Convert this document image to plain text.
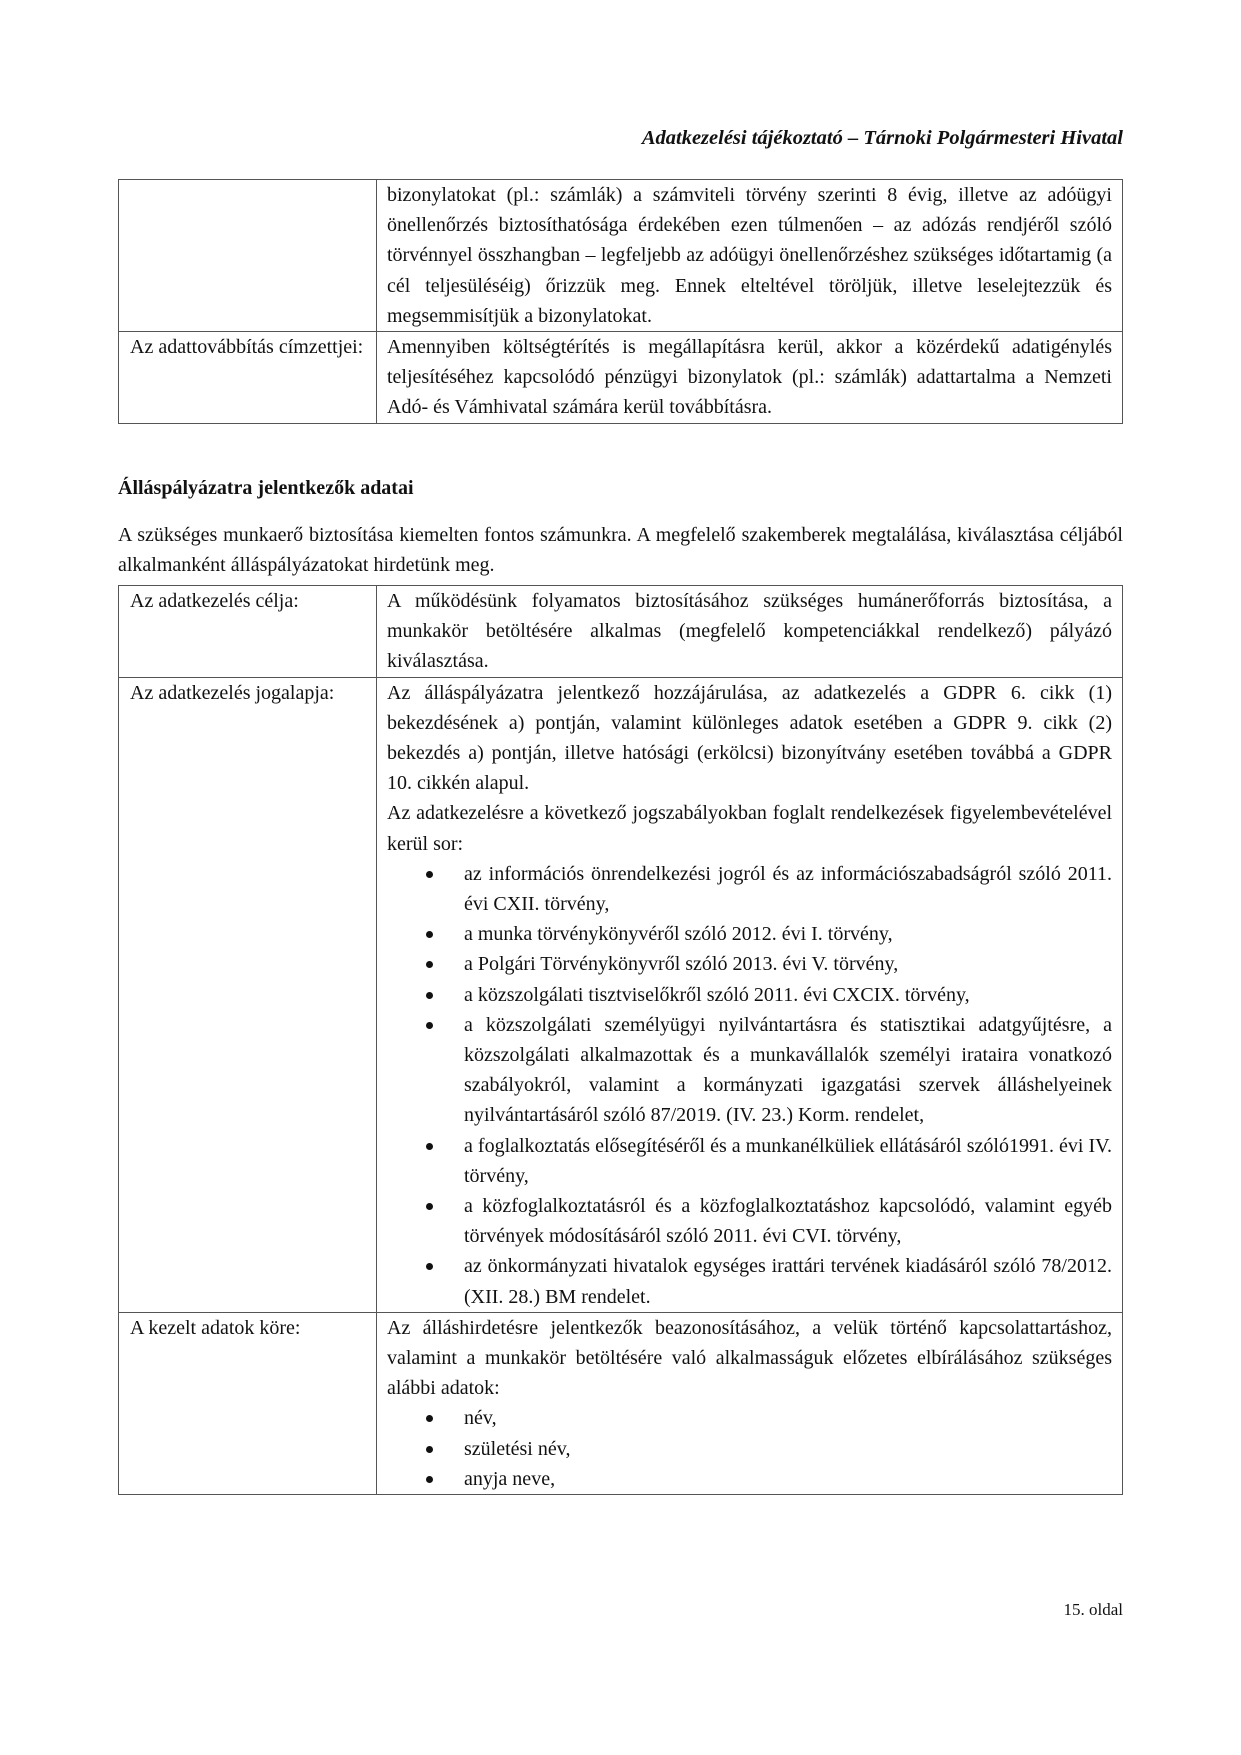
Adatkezelési tájékoztató – Tárnoki Polgármesteri Hivatal
	bizonylatokat (pl.: számlák) a számviteli törvény szerinti 8 évig, illetve az adóügyi önellenőrzés biztosíthatósága érdekében ezen túlmenően – az adózás rendjéről szóló törvénnyel összhangban – legfeljebb az adóügyi önellenőrzéshez szükséges időtartamig (a cél teljesüléséig) őrizzük meg. Ennek elteltével töröljük, illetve leselejtezzük és megsemmisítjük a bizonylatokat.
Az adattovábbítás címzettjei:	Amennyiben költségtérítés is megállapításra kerül, akkor a közérdekű adatigénylés teljesítéséhez kapcsolódó pénzügyi bizonylatok (pl.: számlák) adattartalma a Nemzeti Adó- és Vámhivatal számára kerül továbbításra.
Álláspályázatra jelentkezők adatai
A szükséges munkaerő biztosítása kiemelten fontos számunkra. A megfelelő szakemberek megtalálása, kiválasztása céljából alkalmanként álláspályázatokat hirdetünk meg.
Az adatkezelés célja:	A működésünk folyamatos biztosításához szükséges humánerőforrás biztosítása, a munkakör betöltésére alkalmas (megfelelő kompetenciákkal rendelkező) pályázó kiválasztása.
Az adatkezelés jogalapja:	Az álláspályázatra jelentkező hozzájárulása, az adatkezelés a GDPR 6. cikk (1) bekezdésének a) pontján, valamint különleges adatok esetében a GDPR 9. cikk (2) bekezdés a) pontján, illetve hatósági (erkölcsi) bizonyítvány esetében továbbá a GDPR 10. cikkén alapul.

Az adatkezelésre a következő jogszabályokban foglalt rendelkezések figyelembevételével kerül sor:

az információs önrendelkezési jogról és az információszabadságról szóló 2011. évi CXII. törvény,
a munka törvénykönyvéről szóló 2012. évi I. törvény,
a Polgári Törvénykönyvről szóló 2013. évi V. törvény,
a közszolgálati tisztviselőkről szóló 2011. évi CXCIX. törvény,
a közszolgálati személyügyi nyilvántartásra és statisztikai adatgyűjtésre, a közszolgálati alkalmazottak és a munkavállalók személyi irataira vonatkozó szabályokról, valamint a kormányzati igazgatási szervek álláshelyeinek nyilvántartásáról szóló 87/2019. (IV. 23.) Korm. rendelet,
a foglalkoztatás elősegítéséről és a munkanélküliek ellátásáról szóló1991. évi IV. törvény,
a közfoglalkoztatásról és a közfoglalkoztatáshoz kapcsolódó, valamint egyéb törvények módosításáról szóló 2011. évi CVI. törvény,
az önkormányzati hivatalok egységes irattári tervének kiadásáról szóló 78/2012. (XII. 28.) BM rendelet.

A kezelt adatok köre:	Az álláshirdetésre jelentkezők beazonosításához, a velük történő kapcsolattartáshoz, valamint a munkakör betöltésére való alkalmasságuk előzetes elbírálásához szükséges alábbi adatok:

név,
születési név,
anyja neve,
15. oldal
